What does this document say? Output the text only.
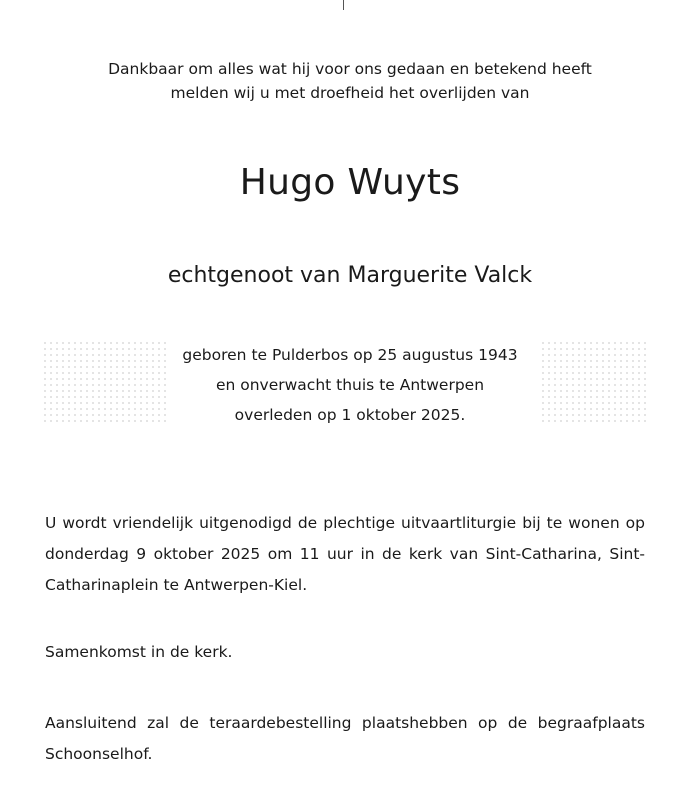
Dankbaar om alles wat hij voor ons gedaan en betekend heeft
melden wij u met droefheid het overlijden van
Hugo Wuyts
echtgenoot van Marguerite Valck
geboren te Pulderbos op 25 augustus 1943
en onverwacht thuis te Antwerpen
overleden op 1 oktober 2025.
U wordt vriendelijk uitgenodigd de plechtige uitvaartliturgie bij te wonen op donderdag 9 oktober 2025 om 11 uur in de kerk van Sint-Catharina, Sint-Catharinaplein te Antwerpen-Kiel.
Samenkomst in de kerk.
Aansluitend zal de teraardebestelling plaatshebben op de begraafplaats Schoonselhof.
